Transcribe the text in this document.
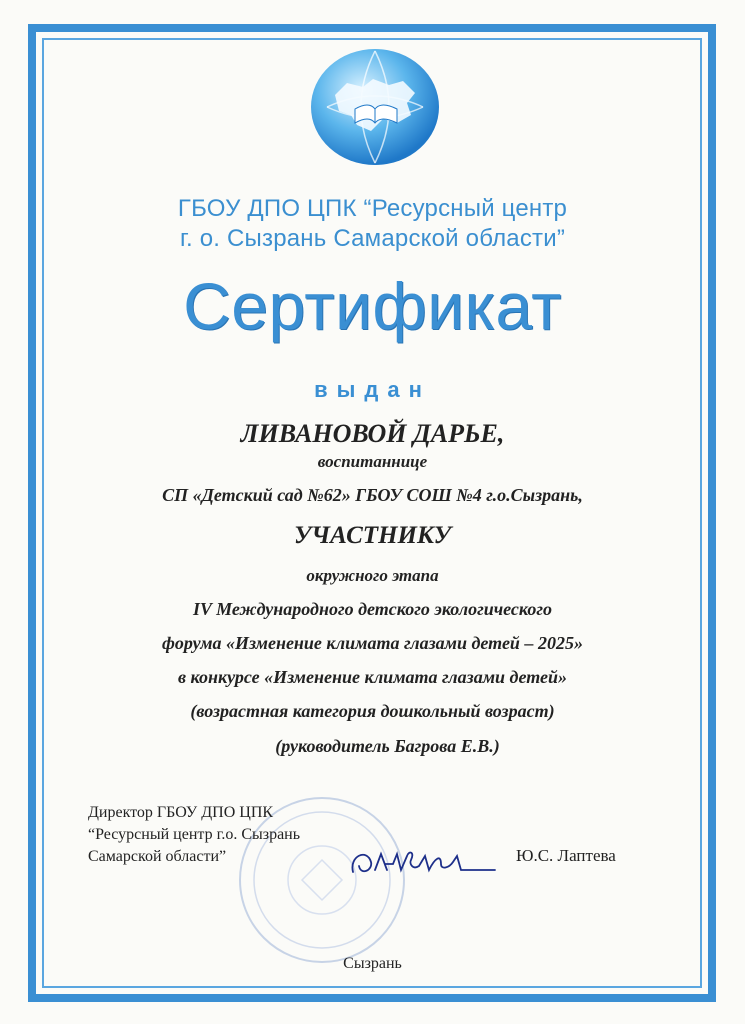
ГБОУ ДПО ЦПК “Ресурсный центр
г. о. Сызрань Самарской области”
Сертификат
выдан
ЛИВАНОВОЙ ДАРЬЕ,
воспитаннице
СП «Детский сад №62» ГБОУ СОШ №4 г.о.Сызрань,
УЧАСТНИКУ
окружного этапа
IV Международного детского экологического
форума «Изменение климата глазами детей – 2025»
в конкурсе «Изменение климата глазами детей»
(возрастная категория дошкольный возраст)
(руководитель Багрова Е.В.)
Директор ГБОУ ДПО ЦПК
“Ресурсный центр г.о. Сызрань
Самарской области”	Ю.С. Лаптева
Сызрань
